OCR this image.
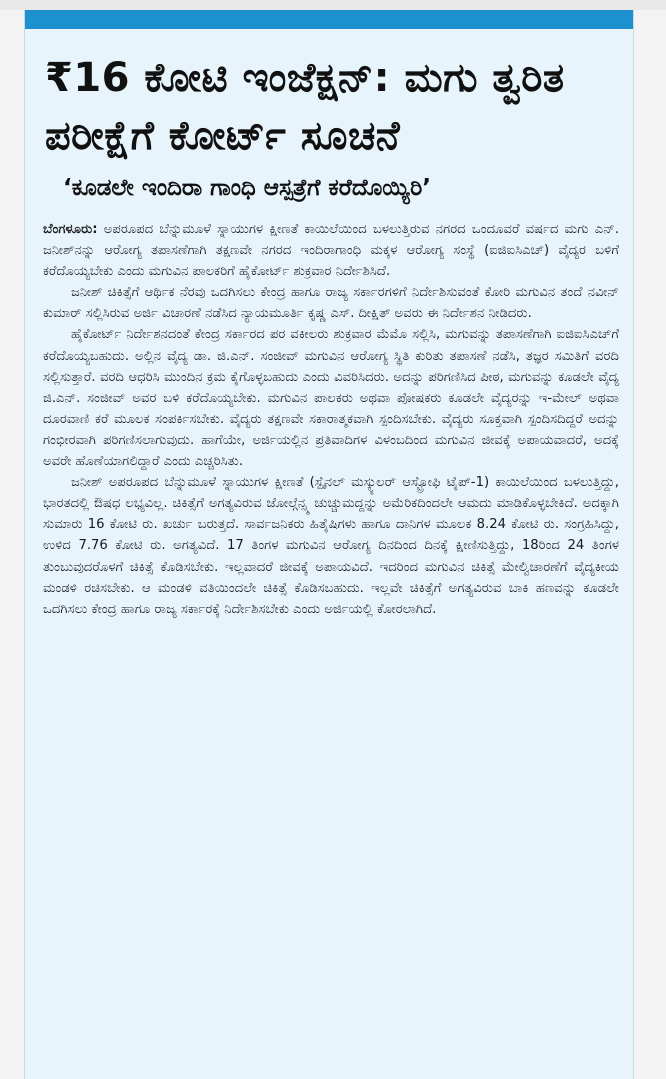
₹16 ಕೋಟಿ ಇಂಜೆಕ್ಷನ್: ಮಗು ತ್ವರಿತ ಪರೀಕ್ಷೆಗೆ ಕೋರ್ಟ್ ಸೂಚನೆ
‘ಕೂಡಲೇ ಇಂದಿರಾ ಗಾಂಧಿ ಆಸ್ಪತ್ರೆಗೆ ಕರೆದೊಯ್ಯಿರಿ’

ಬೆಂಗಳೂರು: ಅಪರೂಪದ ಬೆನ್ನುಮೂಳೆ ಸ್ನಾಯುಗಳ ಕ್ಷೀಣತೆ ಕಾಯಿಲೆಯಿಂದ ಬಳಲುತ್ತಿರುವ ನಗರದ ಒಂದೂವರೆ ವರ್ಷದ ಮಗು ಎನ್. ಜನೀಶ್‌ನನ್ನು ಆರೋಗ್ಯ ತಪಾಸಣೆಗಾಗಿ ತಕ್ಷಣವೇ ನಗರದ ಇಂದಿರಾಗಾಂಧಿ ಮಕ್ಕಳ ಆರೋಗ್ಯ ಸಂಸ್ಥೆ (ಐಜಿಐಸಿಎಚ್) ವೈದ್ಯರ ಬಳಿಗೆ ಕರೆದೊಯ್ಯಬೇಕು ಎಂದು ಮಗುವಿನ ಪಾಲಕರಿಗೆ ಹೈಕೋರ್ಟ್ ಶುಕ್ರವಾರ ನಿರ್ದೇಶಿಸಿದೆ.

ಜನೀಶ್ ಚಿಕಿತ್ಸೆಗೆ ಆರ್ಥಿಕ ನೆರವು ಒದಗಿಸಲು ಕೇಂದ್ರ ಹಾಗೂ ರಾಜ್ಯ ಸರ್ಕಾರಗಳಿಗೆ ನಿರ್ದೇಶಿಸುವಂತೆ ಕೋರಿ ಮಗುವಿನ ತಂದೆ ನವೀನ್ ಕುಮಾರ್ ಸಲ್ಲಿಸಿರುವ ಅರ್ಜಿ ವಿಚಾರಣೆ ನಡೆಸಿದ ನ್ಯಾಯಮೂರ್ತಿ ಕೃಷ್ಣ ಎಸ್. ದೀಕ್ಷಿತ್ ಅವರು ಈ ನಿರ್ದೇಶನ ನೀಡಿದರು.

ಹೈಕೋರ್ಟ್ ನಿರ್ದೇಶನದಂತೆ ಕೇಂದ್ರ ಸರ್ಕಾರದ ಪರ ವಕೀಲರು ಶುಕ್ರವಾರ ಮೆಮೊ ಸಲ್ಲಿಸಿ, ಮಗುವನ್ನು ತಪಾಸಣೆಗಾಗಿ ಐಜಿಐಸಿಎಚ್‌ಗೆ ಕರೆದೊಯ್ಯಬಹುದು. ಅಲ್ಲಿನ ವೈದ್ಯ ಡಾ. ಜಿ.ಎನ್. ಸಂಜೀವ್ ಮಗುವಿನ ಆರೋಗ್ಯ ಸ್ಥಿತಿ ಕುರಿತು ತಪಾಸಣೆ ನಡೆಸಿ, ತಜ್ಞರ ಸಮಿತಿಗೆ ವರದಿ ಸಲ್ಲಿಸುತ್ತಾರೆ. ವರದಿ ಆಧರಿಸಿ ಮುಂದಿನ ಕ್ರಮ ಕೈಗೊಳ್ಳಬಹುದು ಎಂದು ವಿವರಿಸಿದರು. ಅದನ್ನು ಪರಿಗಣಿಸಿದ ಪೀಠ, ಮಗುವನ್ನು ಕೂಡಲೇ ವೈದ್ಯ ಜಿ.ಎನ್. ಸಂಜೀವ್ ಅವರ ಬಳಿ ಕರೆದೊಯ್ಯಬೇಕು. ಮಗುವಿನ ಪಾಲಕರು ಅಥವಾ ಪೋಷಕರು ಕೂಡಲೇ ವೈದ್ಯರನ್ನು ಇ-ಮೇಲ್ ಅಥವಾ ದೂರವಾಣಿ ಕರೆ ಮೂಲಕ ಸಂಪರ್ಕಿಸಬೇಕು. ವೈದ್ಯರು ತಕ್ಷಣವೇ ಸಕಾರಾತ್ಮಕವಾಗಿ ಸ್ಪಂದಿಸಬೇಕು. ವೈದ್ಯರು ಸೂಕ್ತವಾಗಿ ಸ್ಪಂದಿಸದಿದ್ದರೆ ಅದನ್ನು ಗಂಭೀರವಾಗಿ ಪರಿಗಣಿಸಲಾಗುವುದು. ಹಾಗೆಯೇ, ಅರ್ಜಿಯಲ್ಲಿನ ಪ್ರತಿವಾದಿಗಳ ವಿಳಂಬದಿಂದ ಮಗುವಿನ ಜೀವಕ್ಕೆ ಅಪಾಯವಾದರೆ, ಅದಕ್ಕೆ ಅವರೇ ಹೊಣೆಯಾಗಲಿದ್ದಾರೆ ಎಂದು ಎಚ್ಚರಿಸಿತು.

ಜನೀಶ್ ಅಪರೂಪದ ಬೆನ್ನುಮೂಳೆ ಸ್ನಾಯುಗಳ ಕ್ಷೀಣತೆ (ಸ್ಪೈನಲ್ ಮಸ್ಕ್ಯುಲರ್ ಆಸ್ಟ್ರೋಫಿ ಟೈಪ್-1) ಕಾಯಿಲೆಯಿಂದ ಬಳಲುತ್ತಿದ್ದು, ಭಾರತದಲ್ಲಿ ಔಷಧ ಲಭ್ಯವಿಲ್ಲ. ಚಿಕಿತ್ಸೆಗೆ ಅಗತ್ಯವಿರುವ ಜೋಲ್ಗೆನ್ಸ್ಮ ಚುಚ್ಚುಮದ್ದನ್ನು ಅಮೆರಿಕದಿಂದಲೇ ಆಮದು ಮಾಡಿಕೊಳ್ಳಬೇಕಿದೆ. ಅದಕ್ಕಾಗಿ ಸುಮಾರು 16 ಕೋಟಿ ರು. ಖರ್ಚು ಬರುತ್ತದೆ. ಸಾರ್ವಜನಿಕರು ಹಿತೈಷಿಗಳು ಹಾಗೂ ದಾನಿಗಳ ಮೂಲಕ 8.24 ಕೋಟಿ ರು. ಸಂಗ್ರಹಿಸಿದ್ದು, ಉಳಿದ 7.76 ಕೋಟಿ ರು. ಅಗತ್ಯವಿದೆ. 17 ತಿಂಗಳ ಮಗುವಿನ ಆರೋಗ್ಯ ದಿನದಿಂದ ದಿನಕ್ಕೆ ಕ್ಷೀಣಿಸುತ್ತಿದ್ದು, 18ರಿಂದ 24 ತಿಂಗಳ ತುಂಬುವುದರೊಳಗೆ ಚಿಕಿತ್ಸೆ ಕೊಡಿಸಬೇಕು. ಇಲ್ಲವಾದರೆ ಜೀವಕ್ಕೆ ಅಪಾಯವಿದೆ. ಇದರಿಂದ ಮಗುವಿನ ಚಿಕಿತ್ಸೆ ಮೇಲ್ವಿಚಾರಣೆಗೆ ವೈದ್ಯಕೀಯ ಮಂಡಳಿ ರಚಿಸಬೇಕು. ಆ ಮಂಡಳಿ ವತಿಯಿಂದಲೇ ಚಿಕಿತ್ಸೆ ಕೊಡಿಸಬಹುದು. ಇಲ್ಲವೇ ಚಿಕಿತ್ಸೆಗೆ ಅಗತ್ಯವಿರುವ ಬಾಕಿ ಹಣವನ್ನು ಕೂಡಲೇ ಒದಗಿಸಲು ಕೇಂದ್ರ ಹಾಗೂ ರಾಜ್ಯ ಸರ್ಕಾರಕ್ಕೆ ನಿರ್ದೇಶಿಸಬೇಕು ಎಂದು ಅರ್ಜಿಯಲ್ಲಿ ಕೋರಲಾಗಿದೆ.
